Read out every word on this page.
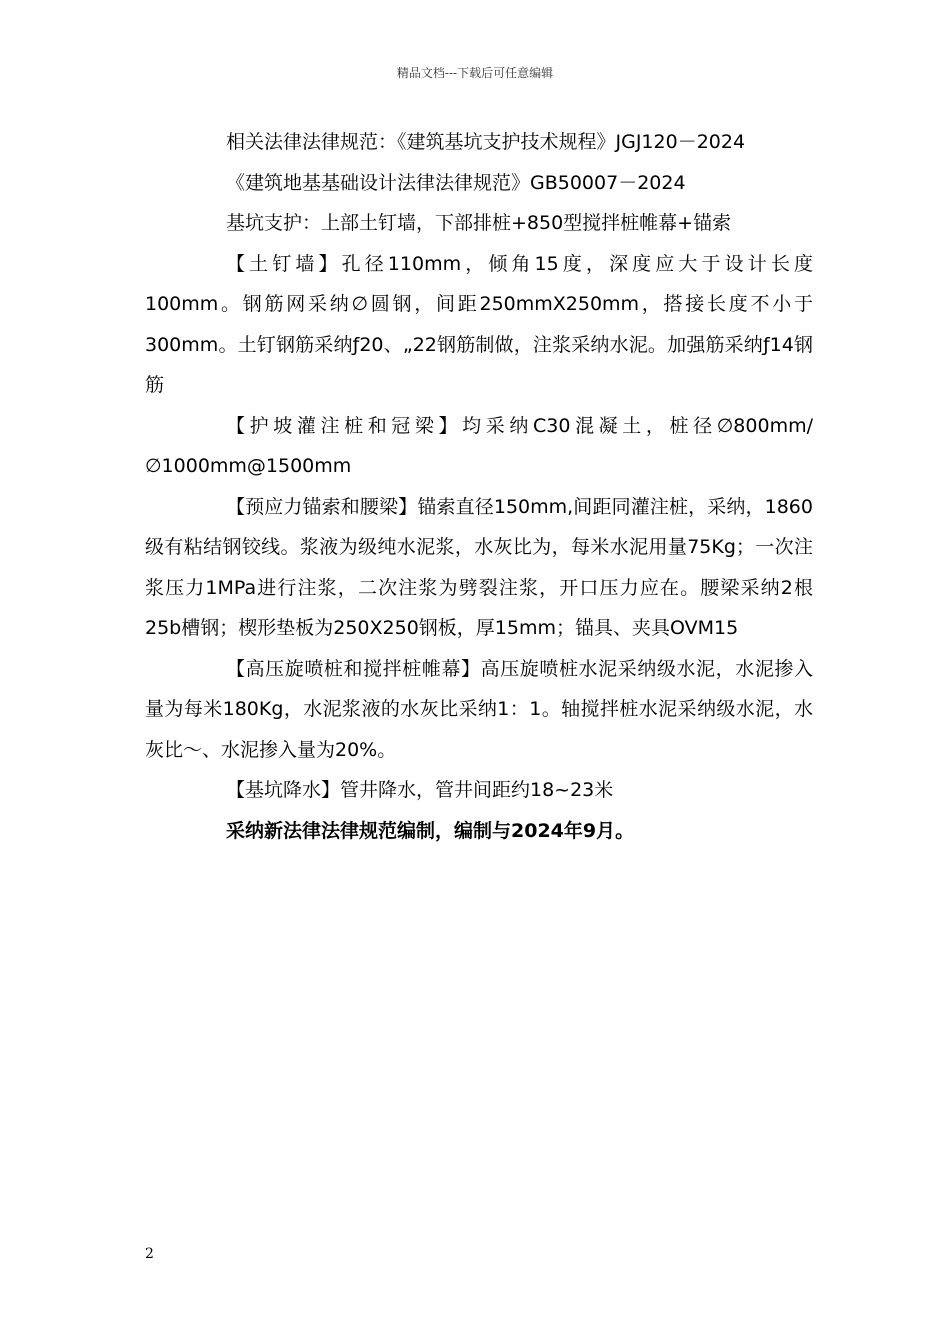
精品文档---下载后可任意编辑

相关法律法律规范：《建筑基坑支护技术规程》JGJ120－2024

《建筑地基基础设计法律法律规范》GB50007－2024

基坑支护：上部土钉墙，下部排桩+850型搅拌桩帷幕+锚索

【土钉墙】孔径110mm，倾角15度，深度应大于设计长度100mm。钢筋网采纳∅圆钢，间距250mmX250mm，搭接长度不小于300mm。土钉钢筋采纳ƒ20、„22钢筋制做，注浆采纳水泥。加强筋采纳ƒ14钢筋

【护坡灌注桩和冠梁】均采纳C30混凝土，桩径∅800mm/∅1000mm@1500mm

【预应力锚索和腰梁】锚索直径150mm,间距同灌注桩，采纳，1860级有粘结钢铰线。浆液为级纯水泥浆，水灰比为，每米水泥用量75Kg；一次注浆压力1MPa进行注浆，二次注浆为劈裂注浆，开口压力应在。腰梁采纳2根25b槽钢；楔形垫板为250X250钢板，厚15mm；锚具、夹具OVM15

【高压旋喷桩和搅拌桩帷幕】高压旋喷桩水泥采纳级水泥，水泥掺入量为每米180Kg，水泥浆液的水灰比采纳1：1。轴搅拌桩水泥采纳级水泥，水灰比～、水泥掺入量为20%。

【基坑降水】管井降水，管井间距约18~23米

采纳新法律法律规范编制，编制与2024年9月。

2
